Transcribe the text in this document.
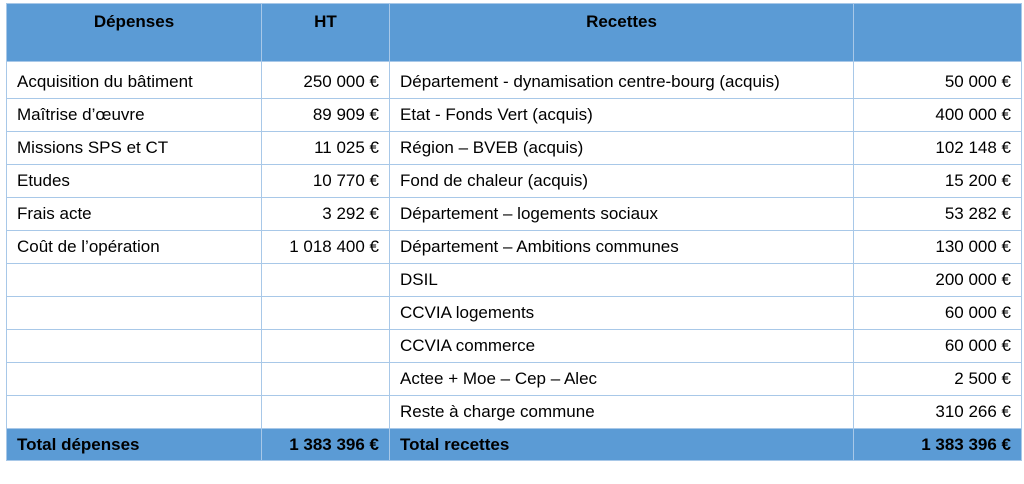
Dépenses	HT	Recettes	
Acquisition du bâtiment	250 000 €	Département - dynamisation centre-bourg (acquis)	50 000 €
Maîtrise d’œuvre	89 909 €	Etat - Fonds Vert (acquis)	400 000 €
Missions SPS et CT	11 025 €	Région – BVEB (acquis)	102 148 €
Etudes	10 770 €	Fond de chaleur (acquis)	15 200 €
Frais acte	3 292 €	Département – logements sociaux	53 282 €
Coût de l’opération	1 018 400 €	Département – Ambitions communes	130 000 €
		DSIL	200 000 €
		CCVIA logements	60 000 €
		CCVIA commerce	60 000 €
		Actee + Moe – Cep – Alec	2 500 €
		Reste à charge commune	310 266 €
Total dépenses	1 383 396 €	Total recettes	1 383 396 €
